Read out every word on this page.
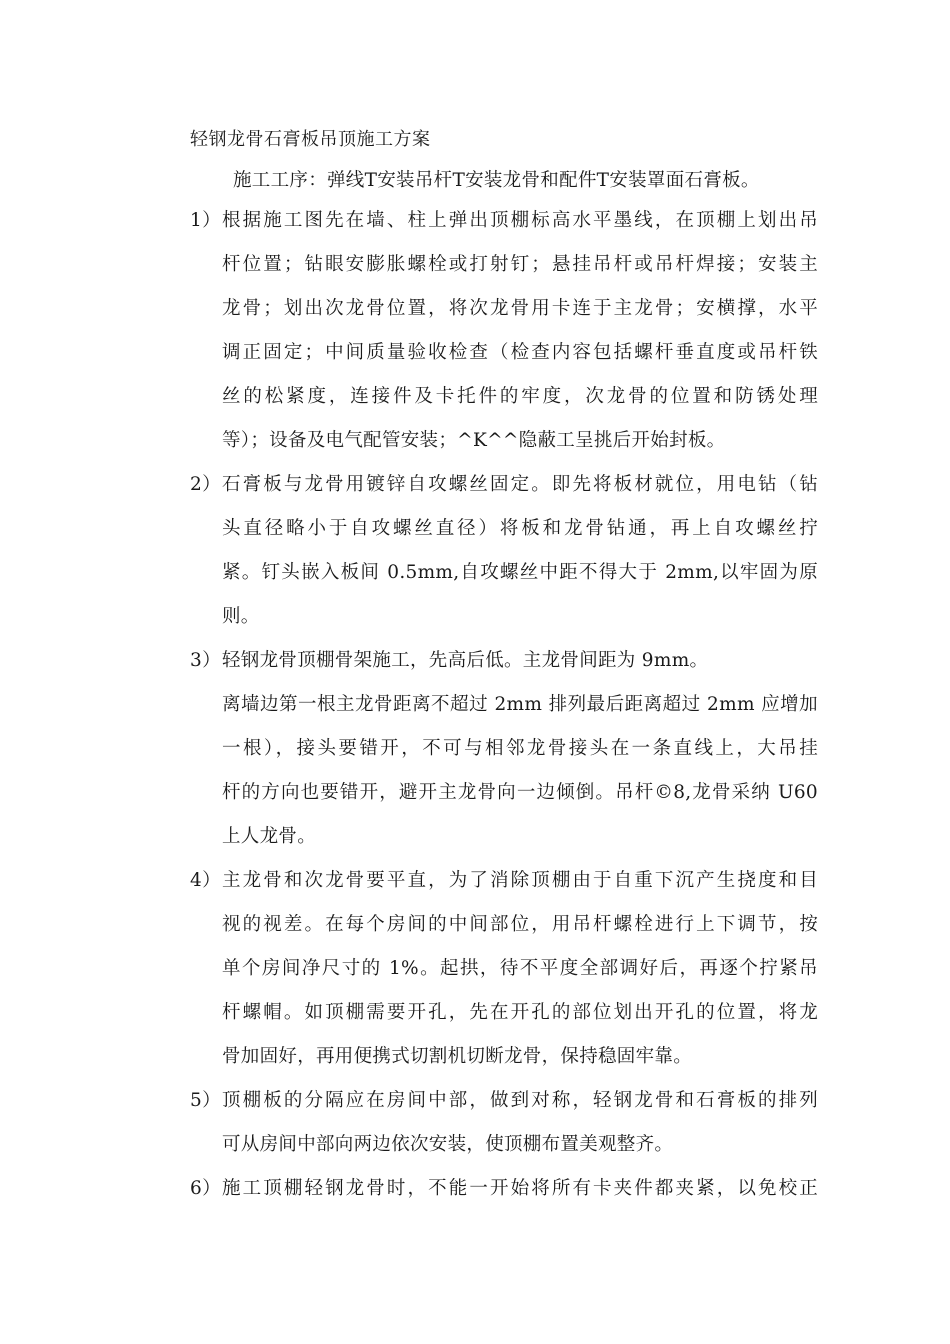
轻钢龙骨石膏板吊顶施工方案

施工工序：弹线T安装吊杆T安装龙骨和配件T安装罩面石膏板。

1） 根据施工图先在墙、柱上弹出顶棚标高水平墨线，在顶棚上划出吊

杆位置；钻眼安膨胀螺栓或打射钉；悬挂吊杆或吊杆焊接；安装主

龙骨；划出次龙骨位置，将次龙骨用卡连于主龙骨；安横撑，水平

调正固定；中间质量验收检查（检查内容包括螺杆垂直度或吊杆铁

丝的松紧度，连接件及卡托件的牢度，次龙骨的位置和防锈处理

等）；设备及电气配管安装；^K^^隐蔽工呈挑后开始封板。

2） 石膏板与龙骨用镀锌自攻螺丝固定。即先将板材就位，用电钻（钻

头直径略小于自攻螺丝直径）将板和龙骨钻通，再上自攻螺丝拧

紧。钉头嵌入板间 0.5mm,自攻螺丝中距不得大于 2mm,以牢固为原

则。

3） 轻钢龙骨顶棚骨架施工，先高后低。主龙骨间距为 9mm。

离墙边第一根主龙骨距离不超过 2mm 排列最后距离超过 2mm 应增加

一根），接头要错开，不可与相邻龙骨接头在一条直线上，大吊挂

杆的方向也要错开，避开主龙骨向一边倾倒。吊杆©8,龙骨采纳 U60

上人龙骨。

4） 主龙骨和次龙骨要平直，为了消除顶棚由于自重下沉产生挠度和目

视的视差。在每个房间的中间部位，用吊杆螺栓进行上下调节，按

单个房间净尺寸的 1%。起拱，待不平度全部调好后，再逐个拧紧吊

杆螺帽。如顶棚需要开孔，先在开孔的部位划出开孔的位置，将龙

骨加固好，再用便携式切割机切断龙骨，保持稳固牢靠。

5） 顶棚板的分隔应在房间中部，做到对称，轻钢龙骨和石膏板的排列

可从房间中部向两边依次安装，使顶棚布置美观整齐。

6） 施工顶棚轻钢龙骨时，不能一开始将所有卡夹件都夹紧，以免校正
